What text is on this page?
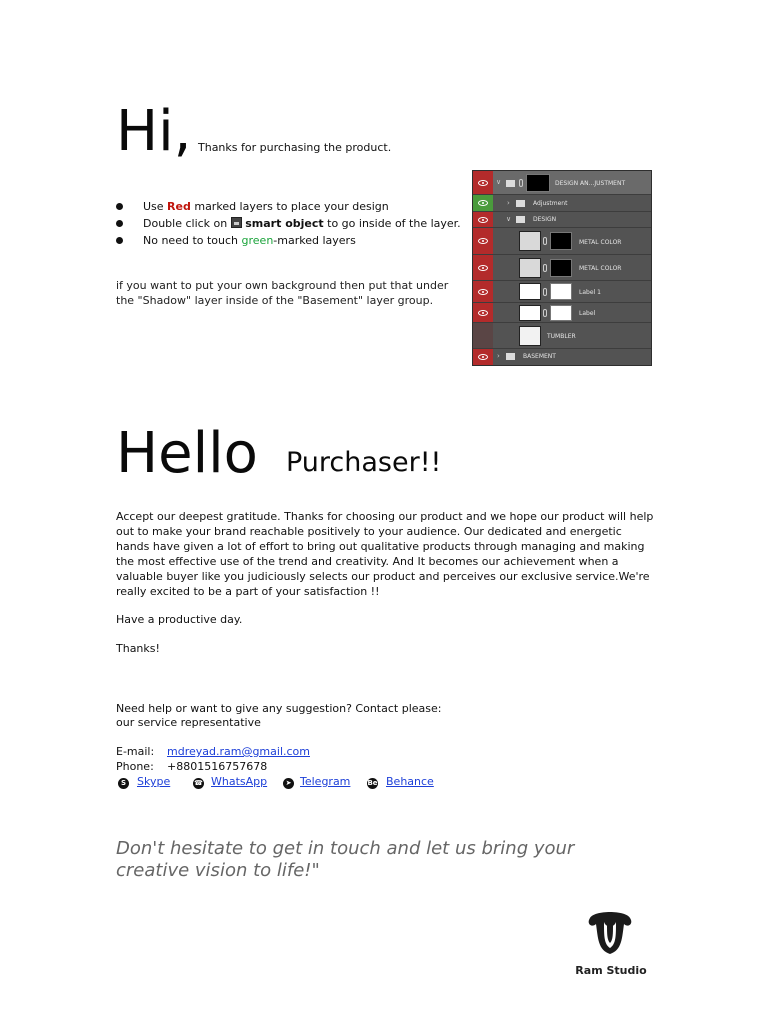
Hi, Thanks for purchasing the product.
Use Red marked layers to place your design
Double click on  smart object to go inside of the layer.
No need to touch green-marked layers
if you want to put your own background then put that under the "Shadow" layer inside of the "Basement" layer group.
∨	DESIGN AN...JUSTMENT
›	Adjustment
∨	DESIGN
METAL COLOR
METAL COLOR
Label 1
Label
TUMBLER
›	BASEMENT
Hello Purchaser!!

Accept our deepest gratitude. Thanks for choosing our product and we hope our product will help out to make your brand reachable positively to your audience. Our dedicated and energetic hands have given a lot of effort to bring out qualitative products through managing and making the most effective use of the trend and creativity. And It becomes our achievement when a valuable buyer like you judiciously selects our product and perceives our exclusive service.We're really excited to be a part of your satisfaction !!

Have a productive day.
Thanks!
Need help or want to give any suggestion? Contact please:
our service representative
E-mail: mdreyad.ram@gmail.com
Phone: +8801516757678
S Skype	☎ WhatsApp	➤ Telegram Be Behance
Don't hesitate to get in touch and let us bring your creative vision to life!"
Ram Studio
